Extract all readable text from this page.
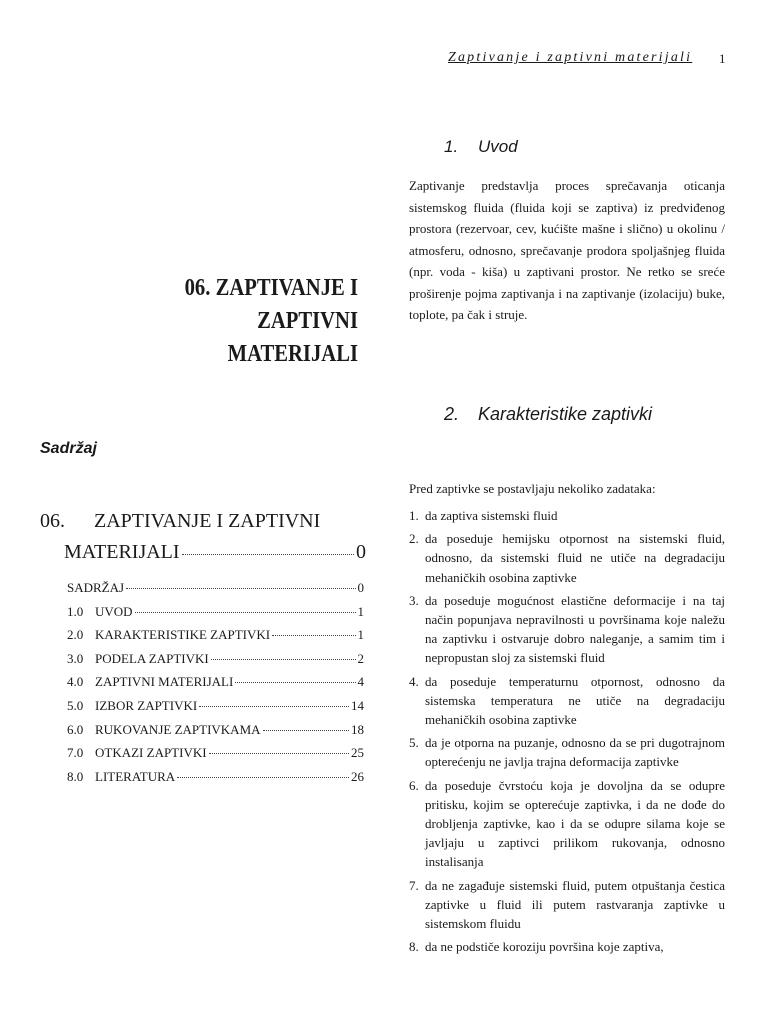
Zaptivanje i zaptivni materijali 1
06. ZAPTIVANJE I ZAPTIVNI
MATERIJALI
Sadržaj
06. ZAPTIVANJE I ZAPTIVNI
MATERIJALI	0
SADRŽAJ	0
1.0 UVOD	1
2.0 KARAKTERISTIKE ZAPTIVKI	1
3.0 PODELA ZAPTIVKI	2
4.0 ZAPTIVNI MATERIJALI	4
5.0 IZBOR ZAPTIVKI	14
6.0 RUKOVANJE ZAPTIVKAMA	18
7.0 OTKAZI ZAPTIVKI	25
8.0 LITERATURA	26
1. Uvod
Zaptivanje predstavlja proces sprečavanja oticanja sistemskog fluida (fluida koji se zaptiva) iz predviđenog prostora (rezervoar, cev, kućište mašne i slično) u okolinu / atmosferu, odnosno, sprečavanje prodora spoljašnjeg fluida (npr. voda - kiša) u zaptivani prostor. Ne retko se sreće proširenje pojma zaptivanja i na zaptivanje (izolaciju) buke, toplote, pa čak i struje.
2. Karakteristike zaptivki
Pred zaptivke se postavljaju nekoliko zadataka:
1. da zaptiva sistemski fluid
2. da poseduje hemijsku otpornost na sistemski fluid, odnosno, da sistemski fluid ne utiče na degradaciju mehaničkih osobina zaptivke
3. da poseduje mogućnost elastične deformacije i na taj način popunjava nepravilnosti u površinama koje naležu na zaptivku i ostvaruje dobro naleganje, a samim tim i nepropustan sloj za sistemski fluid
4. da poseduje temperaturnu otpornost, odnosno da sistemska temperatura ne utiče na degradaciju mehaničkih osobina zaptivke
5. da je otporna na puzanje, odnosno da se pri dugotrajnom opterećenju ne javlja trajna deformacija zaptivke
6. da poseduje čvrstoću koja je dovoljna da se odupre pritisku, kojim se opterećuje zaptivka, i da ne dođe do drobljenja zaptivke, kao i da se odupre silama koje se javljaju u zaptivci prilikom rukovanja, odnosno instalisanja
7. da ne zagađuje sistemski fluid, putem otpuštanja čestica zaptivke u fluid ili putem rastvaranja zaptivke u sistemskom fluidu
8. da ne podstiče koroziju površina koje zaptiva,
